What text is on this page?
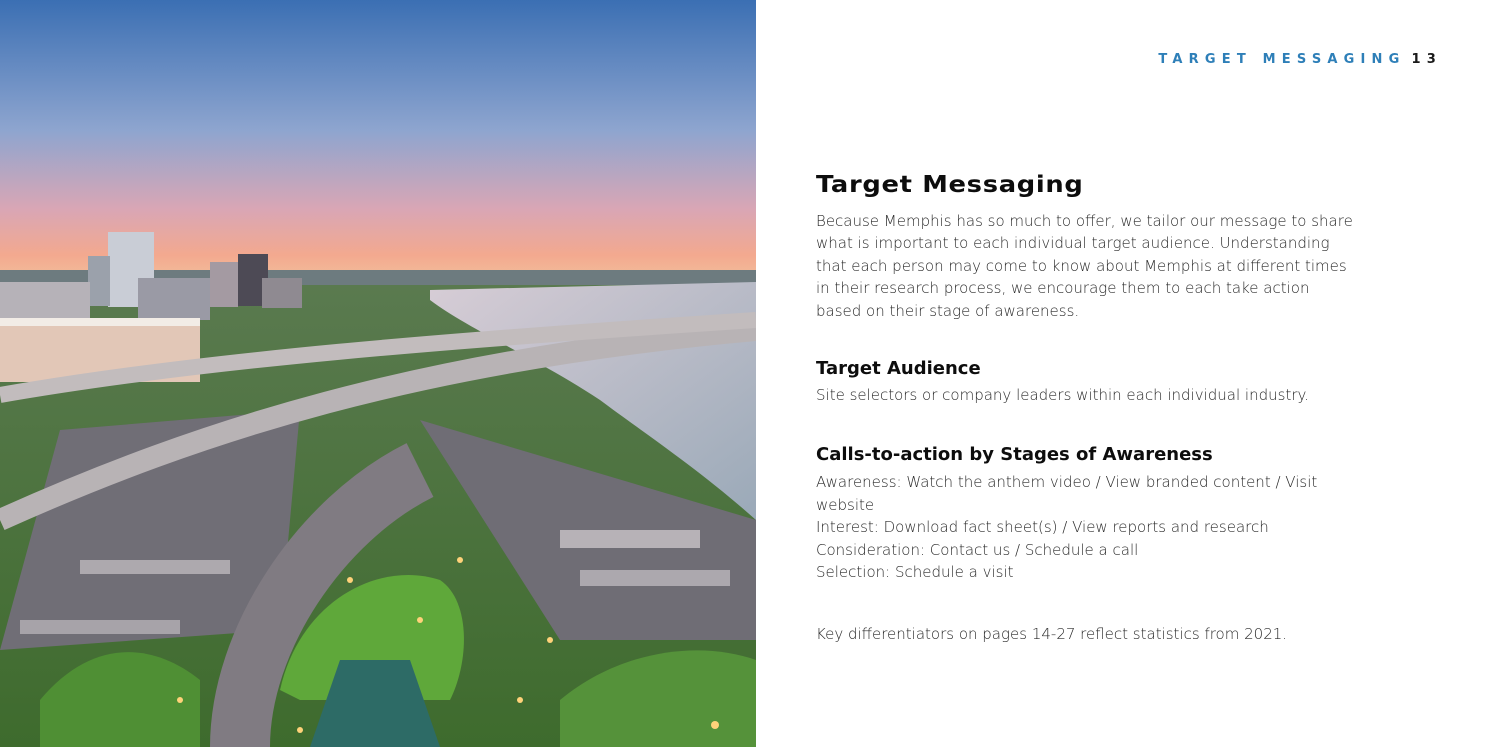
TARGET MESSAGING 13
Target Messaging

Because Memphis has so much to offer, we tailor our message to share what is important to each individual target audience. Understanding that each person may come to know about Memphis at different times in their research process, we encourage them to each take action based on their stage of awareness.

Target Audience

Site selectors or company leaders within each individual industry.

Calls-to-action by Stages of Awareness

Awareness: Watch the anthem video / View branded content / Visit website

Interest: Download fact sheet(s) / View reports and research

Consideration: Contact us / Schedule a call

Selection: Schedule a visit

Key differentiators on pages 14-27 reflect statistics from 2021.
